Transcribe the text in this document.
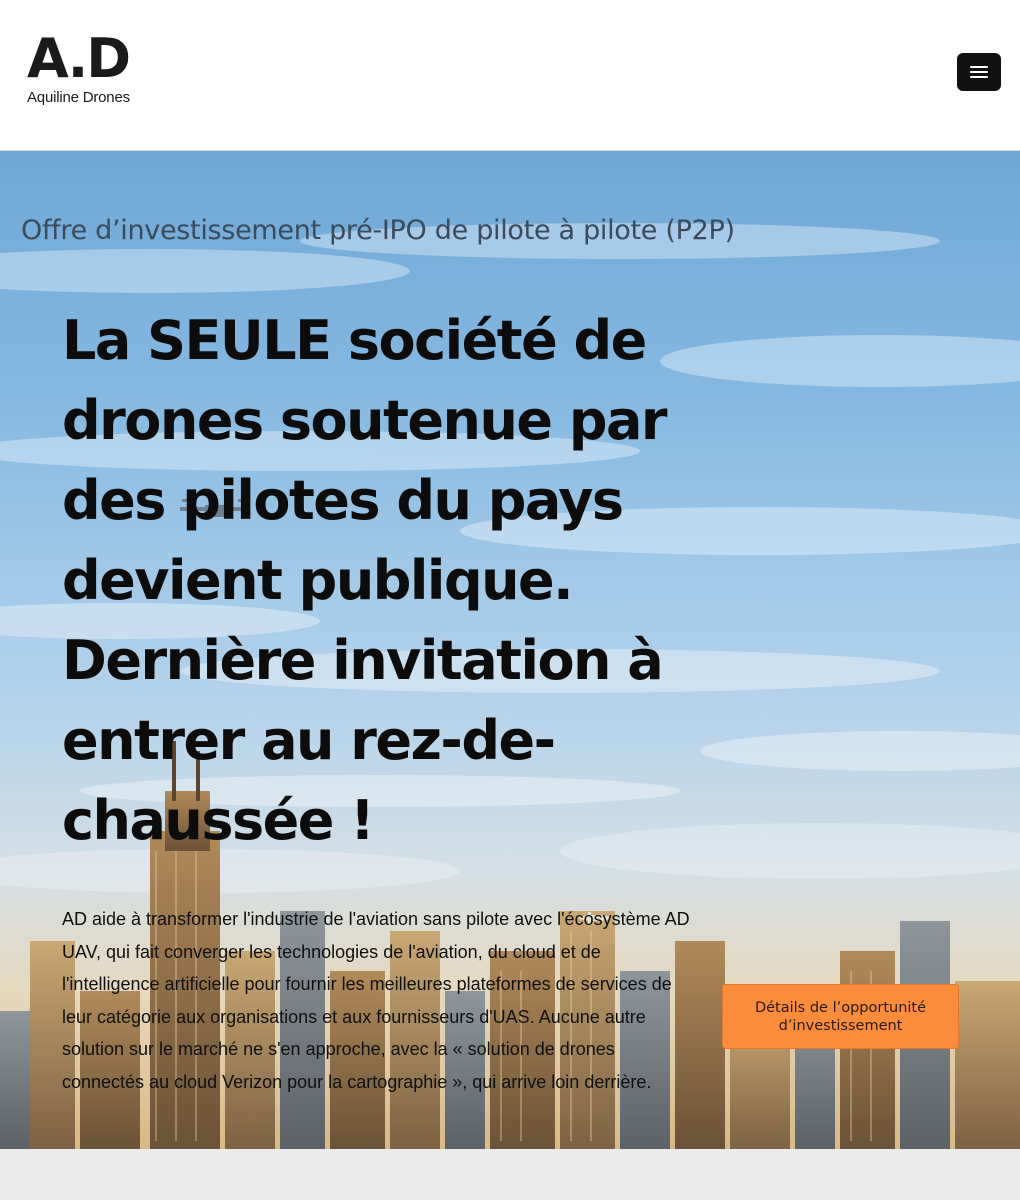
A.D
Aquiline Drones
Offre d’investissement pré-IPO de pilote à pilote (P2P)
La SEULE société de drones soutenue par des pilotes du pays devient publique. Dernière invitation à entrer au rez-de-chaussée !

AD aide à transformer l'industrie de l'aviation sans pilote avec l'écosystème AD UAV, qui fait converger les technologies de l'aviation, du cloud et de l'intelligence artificielle pour fournir les meilleures plateformes de services de leur catégorie aux organisations et aux fournisseurs d'UAS. Aucune autre solution sur le marché ne s'en approche, avec la « solution de drones connectés au cloud Verizon pour la cartographie », qui arrive loin derrière.

Détails de l’opportunité d’investissement
